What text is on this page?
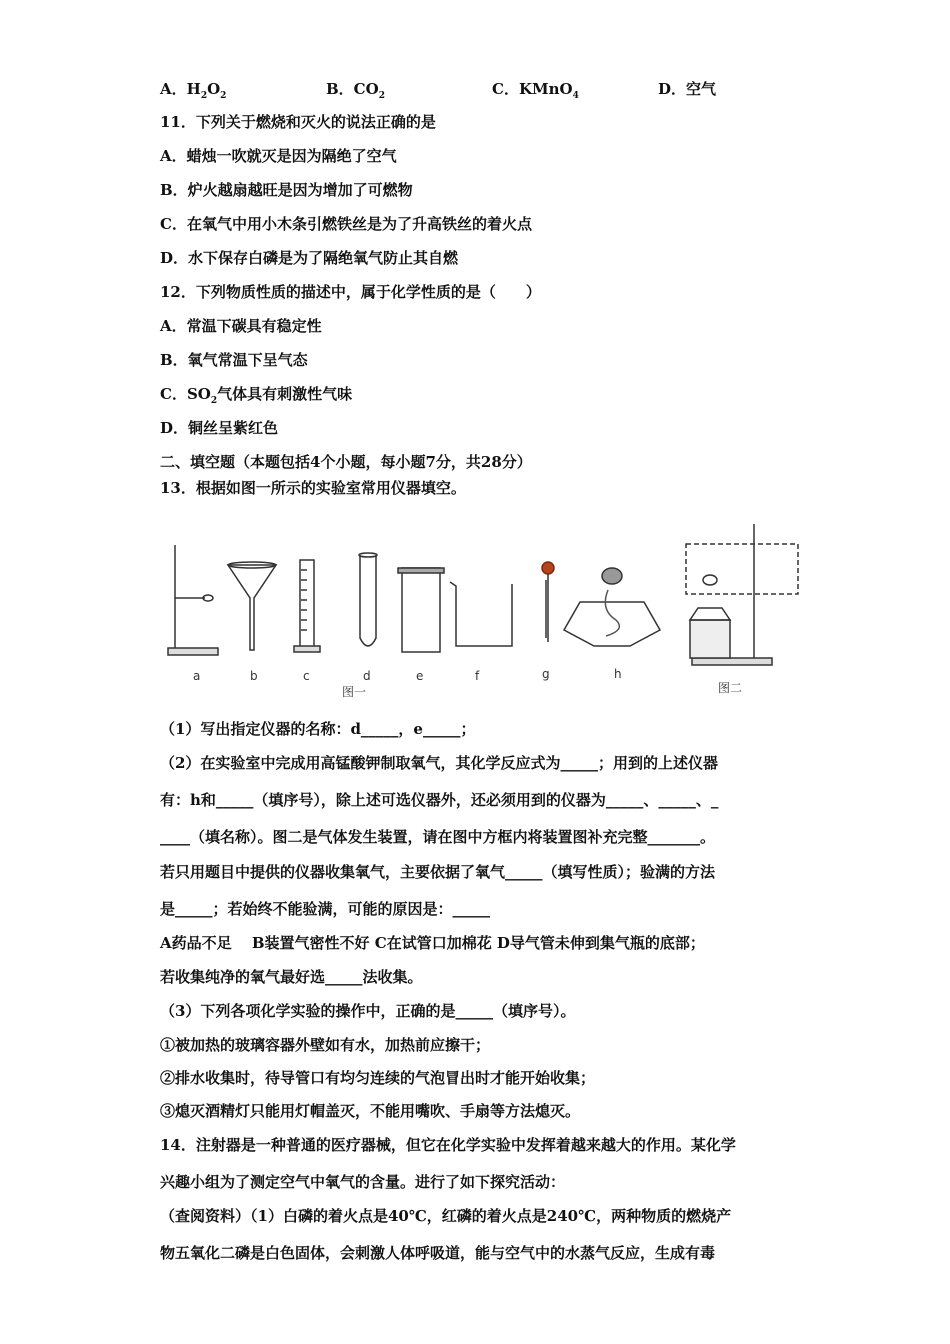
A．$H_2O_2$	B．$CO_2$	C．KMnO$_4$	D．空气
11．下列关于燃烧和灭火的说法正确的是
A．蜡烛一吹就灭是因为隔绝了空气
B．炉火越扇越旺是因为增加了可燃物
C．在氧气中用小木条引燃铁丝是为了升高铁丝的着火点
D．水下保存白磷是为了隔绝氧气防止其自燃
12．下列物质性质的描述中，属于化学性质的是（　　）
A．常温下碳具有稳定性
B．氧气常温下呈气态
C．$SO_2$气体具有刺激性气味
D．铜丝呈紫红色
二、填空题（本题包括4个小题，每小题7分，共28分）
13．根据如图一所示的实验室常用仪器填空。
a	b	c	d	e	f	g	h
图一	图二
（1）写出指定仪器的名称：d_____，e_____；
（2）在实验室中完成用高锰酸钾制取氧气，其化学反应式为_____；用到的上述仪器
有：h和_____（填序号），除上述可选仪器外，还必须用到的仪器为_____、_____、_
____（填名称）。图二是气体发生装置，请在图中方框内将装置图补充完整_______。
若只用题目中提供的仪器收集氧气，主要依据了氧气_____（填写性质）；验满的方法
是_____；若始终不能验满，可能的原因是：_____
A药品不足　 B装置气密性不好 C在试管口加棉花 D导气管未伸到集气瓶的底部；
若收集纯净的氧气最好选_____法收集。
（3）下列各项化学实验的操作中，正确的是_____（填序号）。
①被加热的玻璃容器外壁如有水，加热前应擦干；
②排水收集时，待导管口有均匀连续的气泡冒出时才能开始收集；
③熄灭酒精灯只能用灯帽盖灭，不能用嘴吹、手扇等方法熄灭。
14．注射器是一种普通的医疗器械，但它在化学实验中发挥着越来越大的作用。某化学
兴趣小组为了测定空气中氧气的含量。进行了如下探究活动：
（查阅资料）（1）白磷的着火点是40℃，红磷的着火点是240℃，两种物质的燃烧产
物五氧化二磷是白色固体，会刺激人体呼吸道，能与空气中的水蒸气反应，生成有毒
